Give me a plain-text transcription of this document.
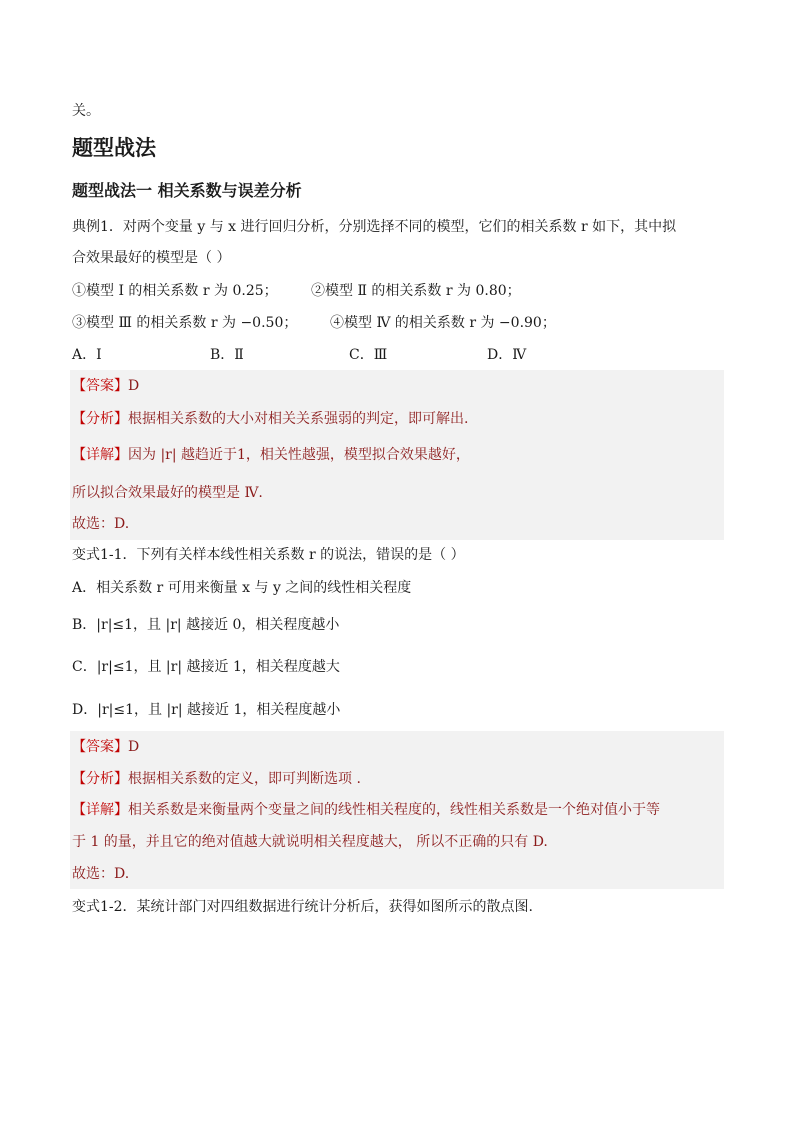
关。
题型战法
题型战法一 相关系数与误差分析
典例1．对两个变量 y 与 x 进行回归分析，分别选择不同的模型，它们的相关系数 r 如下，其中拟
合效果最好的模型是（ ）
①模型 Ⅰ 的相关系数 r 为 0.25； ②模型 Ⅱ 的相关系数 r 为 0.80；
③模型 Ⅲ 的相关系数 r 为 −0.50； ④模型 Ⅳ 的相关系数 r 为 −0.90；
A．Ⅰ	B．Ⅱ	C．Ⅲ	D．Ⅳ
【答案】D
【分析】根据相关系数的大小对相关关系强弱的判定，即可解出.
【详解】因为 |r| 越趋近于1，相关性越强，模型拟合效果越好，
所以拟合效果最好的模型是 Ⅳ.
故选：D.
变式1-1．下列有关样本线性相关系数 r 的说法，错误的是（ ）
A．相关系数 r 可用来衡量 x 与 y 之间的线性相关程度
B．|r|≤1，且 |r| 越接近 0，相关程度越小
C．|r|≤1，且 |r| 越接近 1，相关程度越大
D．|r|≤1，且 |r| 越接近 1，相关程度越小
【答案】D
【分析】根据相关系数的定义，即可判断选项 .
【详解】相关系数是来衡量两个变量之间的线性相关程度的，线性相关系数是一个绝对值小于等
于 1 的量，并且它的绝对值越大就说明相关程度越大， 所以不正确的只有 D.
故选：D.
变式1-2．某统计部门对四组数据进行统计分析后，获得如图所示的散点图.
